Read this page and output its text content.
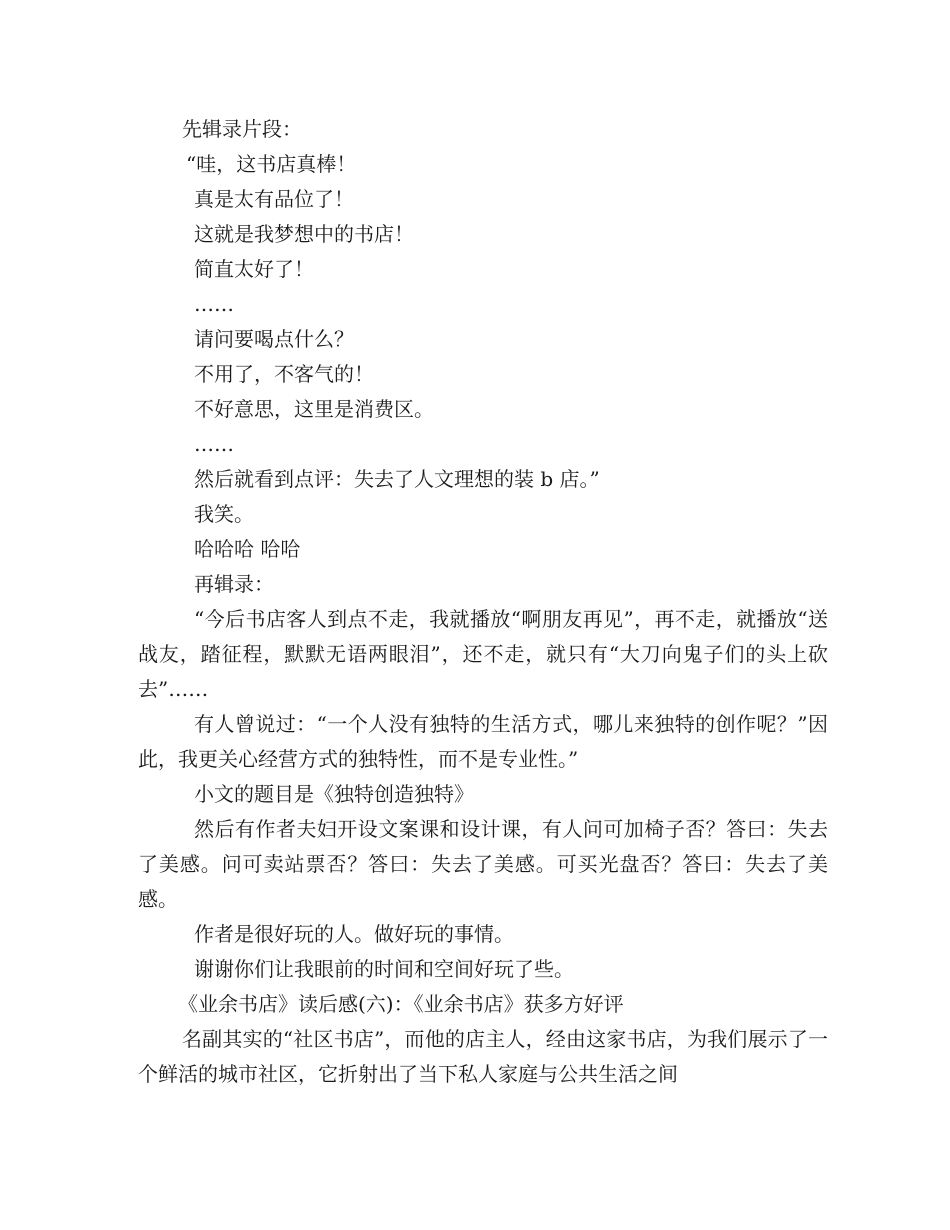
先辑录片段：
“哇，这书店真棒！
真是太有品位了！
这就是我梦想中的书店！
简直太好了！
……
请问要喝点什么？
不用了，不客气的！
不好意思，这里是消费区。
……
然后就看到点评：失去了人文理想的装 b 店。”
我笑。
哈哈哈 哈哈
再辑录：
“今后书店客人到点不走，我就播放“啊朋友再见”，再不走，就播放“送战友，踏征程，默默无语两眼泪”，还不走，就只有“大刀向鬼子们的头上砍去”……
有人曾说过：“一个人没有独特的生活方式，哪儿来独特的创作呢？”因此，我更关心经营方式的独特性，而不是专业性。”
小文的题目是《独特创造独特》
然后有作者夫妇开设文案课和设计课，有人问可加椅子否？答曰：失去了美感。问可卖站票否？答曰：失去了美感。可买光盘否？答曰：失去了美感。
作者是很好玩的人。做好玩的事情。
谢谢你们让我眼前的时间和空间好玩了些。
《业余书店》读后感(六)：《业余书店》获多方好评
名副其实的“社区书店”，而他的店主人，经由这家书店，为我们展示了一个鲜活的城市社区，它折射出了当下私人家庭与公共生活之间
